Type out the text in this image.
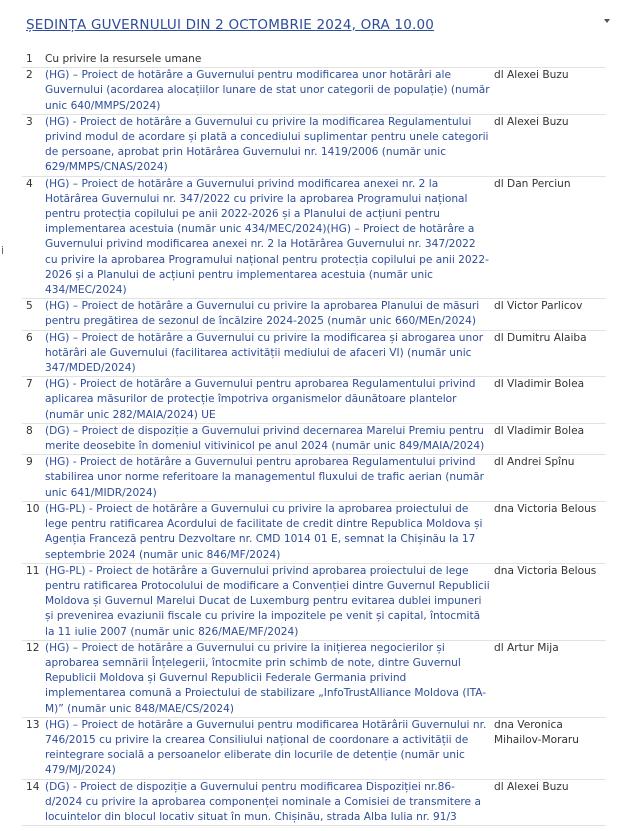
ȘEDINȚA GUVERNULUI DIN 2 OCTOMBRIE 2024, ORA 10.00
i
1	Cu privire la resursele umane
2	(HG) – Proiect de hotărâre a Guvernului pentru modificarea unor hotărâri ale Guvernului (acordarea alocațiilor lunare de stat unor categorii de populație) (număr unic 640/MMPS/2024)
dl Alexei Buzu
3	(HG) - Proiect de hotărâre a Guvernului cu privire la modificarea Regulamentului privind modul de acordare și plată a concediului suplimentar pentru unele categorii de persoane, aprobat prin Hotărârea Guvernului nr. 1419/2006 (număr unic 629/MMPS/CNAS/2024)
dl Alexei Buzu
4	(HG) – Proiect de hotărâre a Guvernului privind modificarea anexei nr. 2 la Hotărârea Guvernului nr. 347/2022 cu privire la aprobarea Programului național pentru protecția copilului pe anii 2022-2026 și a Planului de acțiuni pentru implementarea acestuia (număr unic 434/MEC/2024)(HG) – Proiect de hotărâre a Guvernului privind modificarea anexei nr. 2 la Hotărârea Guvernului nr. 347/2022 cu privire la aprobarea Programului național pentru protecția copilului pe anii 2022-2026 și a Planului de acțiuni pentru implementarea acestuia (număr unic 434/MEC/2024)
dl Dan Perciun
5	(HG) – Proiect de hotărâre a Guvernului cu privire la aprobarea Planului de măsuri pentru pregătirea de sezonul de încălzire 2024-2025 (număr unic 660/MEn/2024)
dl Victor Parlicov
6	(HG) – Proiect de hotărâre a Guvernului cu privire la modificarea și abrogarea unor hotărâri ale Guvernului (facilitarea activității mediului de afaceri VI) (număr unic 347/MDED/2024)
dl Dumitru Alaiba
7	(HG) - Proiect de hotărâre a Guvernului pentru aprobarea Regulamentului privind aplicarea măsurilor de protecție împotriva organismelor dăunătoare plantelor (număr unic 282/MAIA/2024) UE
dl Vladimir Bolea
8	(DG) – Proiect de dispoziție a Guvernului privind decernarea Marelui Premiu pentru merite deosebite în domeniul vitivinicol pe anul 2024 (număr unic 849/MAIA/2024)
dl Vladimir Bolea
9	(HG) - Proiect de hotărâre a Guvernului pentru aprobarea Regulamentului privind stabilirea unor norme referitoare la managementul fluxului de trafic aerian (număr unic 641/MIDR/2024)
dl Andrei Spînu
10 (HG-PL) - Proiect de hotărâre a Guvernului cu privire la aprobarea proiectului de lege pentru ratificarea Acordului de facilitate de credit dintre Republica Moldova și Agenția Franceză pentru Dezvoltare nr. CMD 1014 01 E, semnat la Chișinău la 17 septembrie 2024 (număr unic 846/MF/2024)
dna Victoria Belous
11 (HG-PL) - Proiect de hotărâre a Guvernului privind aprobarea proiectului de lege pentru ratificarea Protocolului de modificare a Convenției dintre Guvernul Republicii Moldova și Guvernul Marelui Ducat de Luxemburg pentru evitarea dublei impuneri și prevenirea evaziunii fiscale cu privire la impozitele pe venit și capital, întocmită la 11 iulie 2007 (număr unic 826/MAE/MF/2024)
dna Victoria Belous
12 (HG) – Proiect de hotărâre a Guvernului cu privire la inițierea negocierilor și aprobarea semnării Înțelegerii, întocmite prin schimb de note, dintre Guvernul Republicii Moldova și Guvernul Republicii Federale Germania privind implementarea comună a Proiectului de stabilizare „InfoTrustAlliance Moldova (ITA-M)” (număr unic 848/MAE/CS/2024)
dl Artur Mija
13 (HG) – Proiect de hotărâre a Guvernului pentru modificarea Hotărârii Guvernului nr. 746/2015 cu privire la crearea Consiliului național de coordonare a activității de reintegrare socială a persoanelor eliberate din locurile de detenție (număr unic 479/MJ/2024)
dna Veronica Mihailov-Moraru
14 (DG) - Proiect de dispoziție a Guvernului pentru modificarea Dispoziției nr.86-d/2024 cu privire la aprobarea componenței nominale a Comisiei de transmitere a locuintelor din blocul locativ situat în mun. Chișinău, strada Alba Iulia nr. 91/3
dl Alexei Buzu
